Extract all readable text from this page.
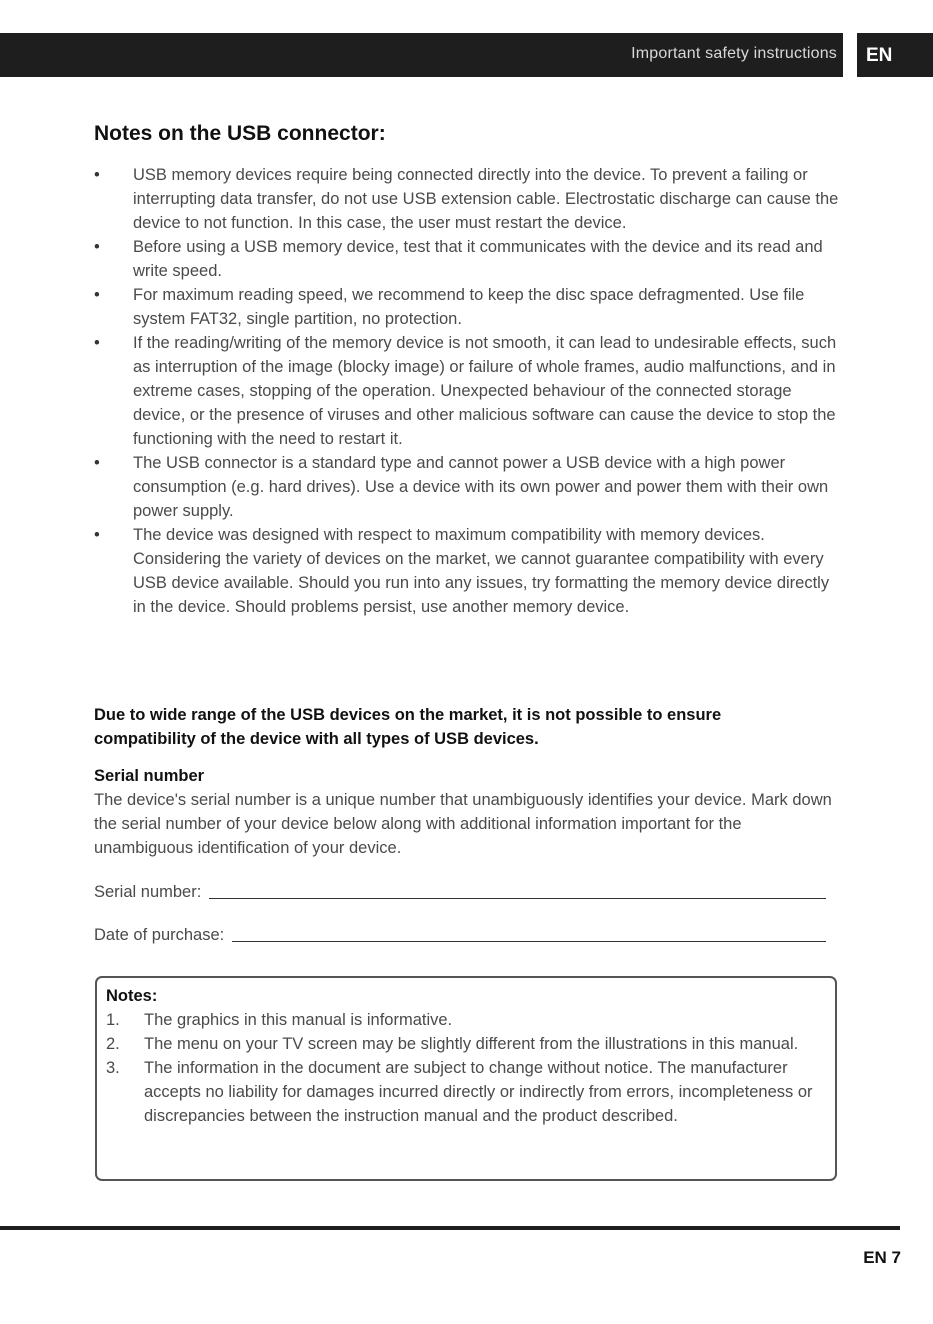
Important safety instructions	EN
Notes on the USB connector:
• USB memory devices require being connected directly into the device. To prevent a failing or interrupting data transfer, do not use USB extension cable. Electrostatic discharge can cause the device to not function. In this case, the user must restart the device.
• Before using a USB memory device, test that it communicates with the device and its read and write speed.
• For maximum reading speed, we recommend to keep the disc space defragmented. Use file system FAT32, single partition, no protection.
• If the reading/writing of the memory device is not smooth, it can lead to undesirable effects, such as interruption of the image (blocky image) or failure of whole frames, audio malfunctions, and in extreme cases, stopping of the operation. Unexpected behaviour of the connected storage device, or the presence of viruses and other malicious software can cause the device to stop the functioning with the need to restart it.
• The USB connector is a standard type and cannot power a USB device with a high power consumption (e.g. hard drives). Use a device with its own power and power them with their own power supply.
• The device was designed with respect to maximum compatibility with memory devices. Considering the variety of devices on the market, we cannot guarantee compatibility with every USB device available. Should you run into any issues, try formatting the memory device directly in the device. Should problems persist, use another memory device.

Due to wide range of the USB devices on the market, it is not possible to ensure compatibility of the device with all types of USB devices.

Serial number

The device's serial number is a unique number that unambiguously identifies your device. Mark down the serial number of your device below along with additional information important for the unambiguous identification of your device.

Serial number:
Date of purchase:
Notes:
1. The graphics in this manual is informative.
2. The menu on your TV screen may be slightly different from the illustrations in this manual.
3. The information in the document are subject to change without notice. The manufacturer accepts no liability for damages incurred directly or indirectly from errors, incompleteness or discrepancies between the instruction manual and the product described.
EN 7
